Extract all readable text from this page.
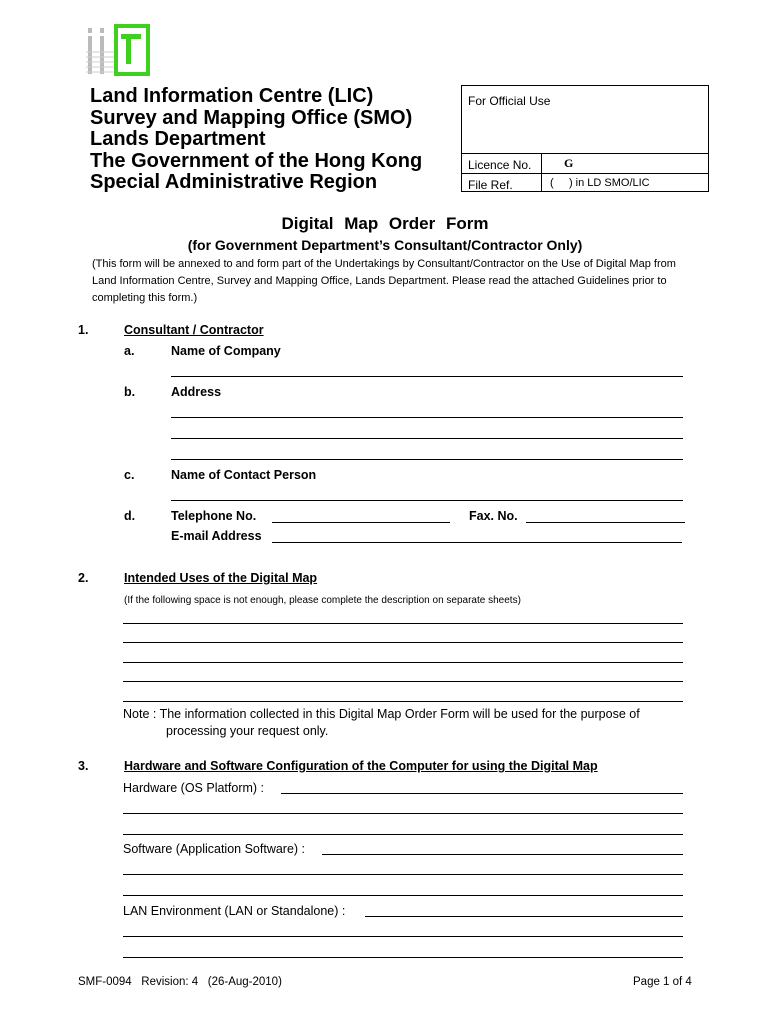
Land Information Centre (LIC)
Survey and Mapping Office (SMO)
Lands Department
The Government of the Hong Kong
Special Administrative Region
For Official Use
Licence No.	G
File Ref.	(     ) in LD SMO/LIC
Digital Map Order Form
(for Government Department’s Consultant/Contractor Only)
(This form will be annexed to and form part of the Undertakings by Consultant/Contractor on the Use of Digital Map from Land Information Centre, Survey and Mapping Office, Lands Department. Please read the attached Guidelines prior to completing this form.)
1.	Consultant / Contractor
a.	Name of Company
b.	Address
c.	Name of Contact Person
d.	Telephone No.	Fax. No.
E-mail Address
2.	Intended Uses of the Digital Map
(If the following space is not enough, please complete the description on separate sheets)
Note : The information collected in this Digital Map Order Form will be used for the purpose of
processing your request only.
3.	Hardware and Software Configuration of the Computer for using the Digital Map
Hardware (OS Platform) :
Software (Application Software) :
LAN Environment (LAN or Standalone) :
SMF-0094   Revision: 4   (26-Aug-2010)	Page 1 of 4
